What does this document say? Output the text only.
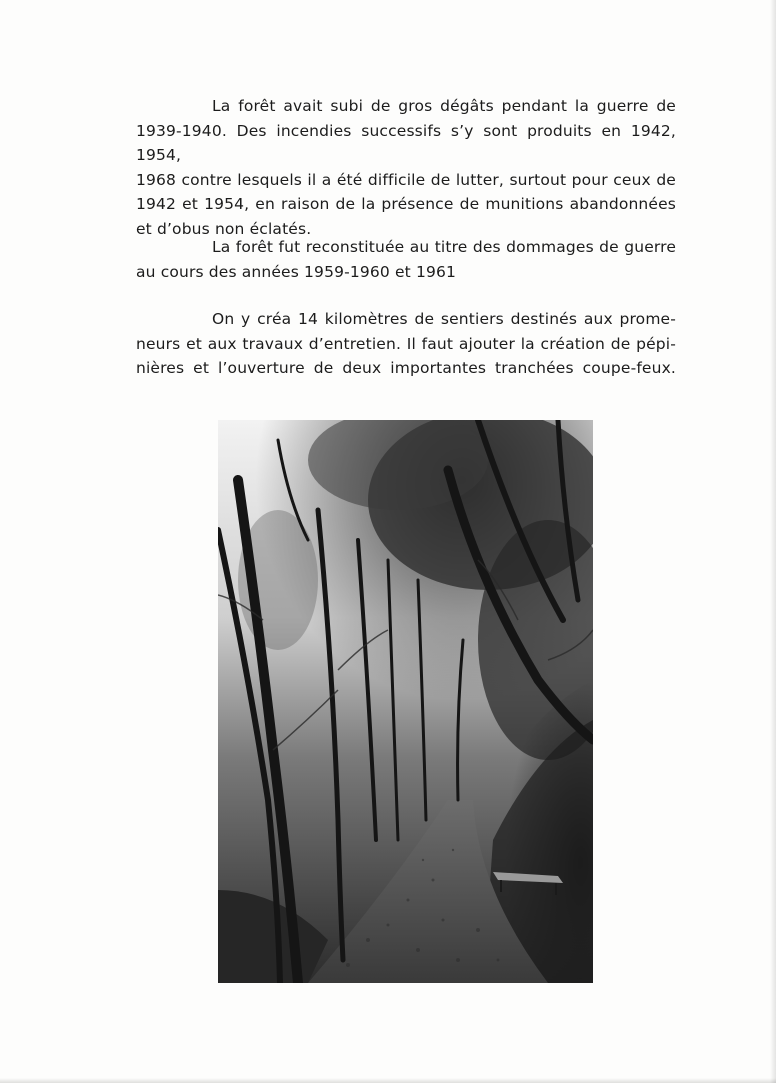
La forêt avait subi de gros dégâts pendant la guerre de
1939-1940. Des incendies successifs s’y sont produits en 1942, 1954,
1968 contre lesquels il a été difficile de lutter, surtout pour ceux de
1942 et 1954, en raison de la présence de munitions abandonnées
et d’obus non éclatés.
La forêt fut reconstituée au titre des dommages de guerre
au cours des années 1959-1960 et 1961
On y créa 14 kilomètres de sentiers destinés aux prome-
neurs et aux travaux d’entretien. Il faut ajouter la création de pépi-
nières et l’ouverture de deux importantes tranchées coupe-feux.
